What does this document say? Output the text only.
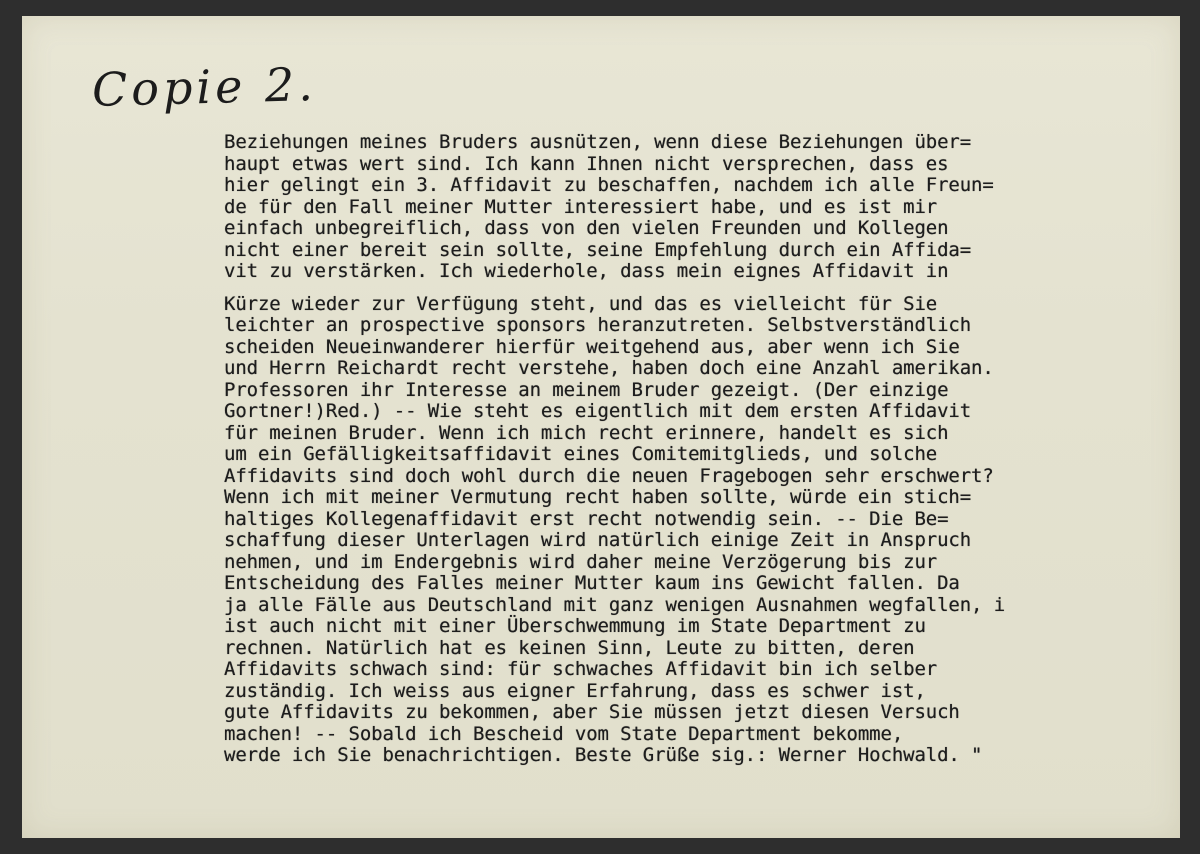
Copie 2.

Beziehungen meines Bruders ausnützen, wenn diese Beziehungen über=
haupt etwas wert sind. Ich kann Ihnen nicht versprechen, dass es
hier gelingt ein 3. Affidavit zu beschaffen, nachdem ich alle Freun=
de für den Fall meiner Mutter interessiert habe, und es ist mir
einfach unbegreiflich, dass von den vielen Freunden und Kollegen
nicht einer bereit sein sollte, seine Empfehlung durch ein Affida=
vit zu verstärken. Ich wiederhole, dass mein eignes Affidavit in
Kürze wieder zur Verfügung steht, und das es vielleicht für Sie
leichter an prospective sponsors heranzutreten. Selbstverständlich
scheiden Neueinwanderer hierfür weitgehend aus, aber wenn ich Sie
und Herrn Reichardt recht verstehe, haben doch eine Anzahl amerikan.
Professoren ihr Interesse an meinem Bruder gezeigt. (Der einzige
Gortner!)Red.) -- Wie steht es eigentlich mit dem ersten Affidavit
für meinen Bruder. Wenn ich mich recht erinnere, handelt es sich
um ein Gefälligkeitsaffidavit eines Comitemitglieds, und solche
Affidavits sind doch wohl durch die neuen Fragebogen sehr erschwert?
Wenn ich mit meiner Vermutung recht haben sollte, würde ein stich=
haltiges Kollegenaffidavit erst recht notwendig sein. -- Die Be=
schaffung dieser Unterlagen wird natürlich einige Zeit in Anspruch
nehmen, und im Endergebnis wird daher meine Verzögerung bis zur
Entscheidung des Falles meiner Mutter kaum ins Gewicht fallen. Da
ja alle Fälle aus Deutschland mit ganz wenigen Ausnahmen wegfallen, i
ist auch nicht mit einer Überschwemmung im State Department zu
rechnen. Natürlich hat es keinen Sinn, Leute zu bitten, deren
Affidavits schwach sind: für schwaches Affidavit bin ich selber
zuständig. Ich weiss aus eigner Erfahrung, dass es schwer ist,
gute Affidavits zu bekommen, aber Sie müssen jetzt diesen Versuch
machen! -- Sobald ich Bescheid vom State Department bekomme,
werde ich Sie benachrichtigen. Beste Grüße sig.: Werner Hochwald. "
